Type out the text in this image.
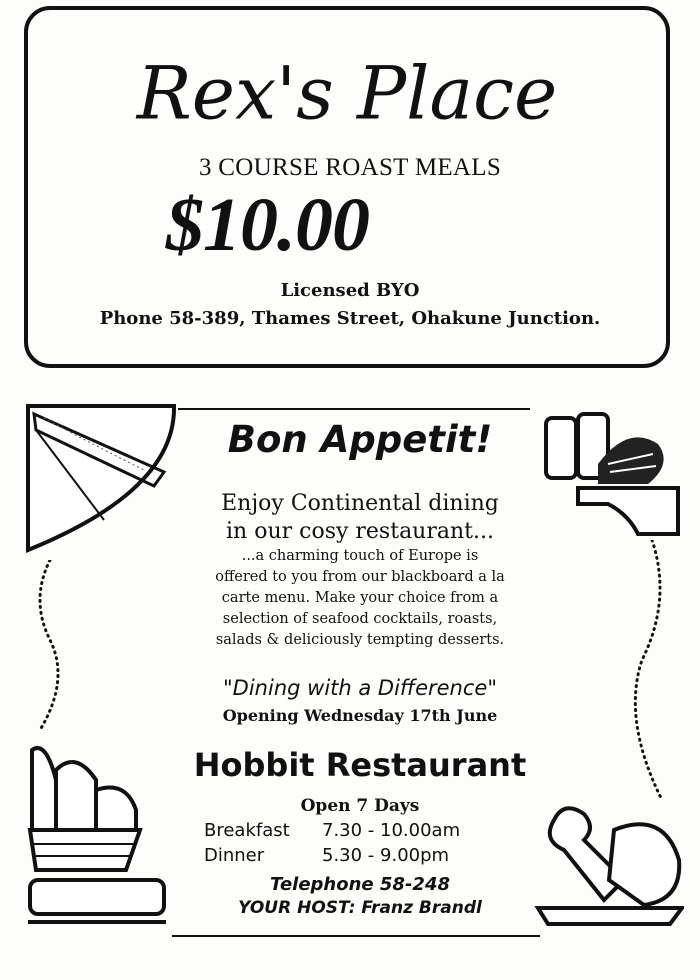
Rex's Place
3 COURSE ROAST MEALS
$10.00
Licensed BYO
Phone 58-389, Thames Street, Ohakune Junction.
Bon Appetit!
Enjoy Continental dining
in our cosy restaurant...
...a charming touch of Europe is
offered to you from our blackboard a la
carte menu. Make your choice from a
selection of seafood cocktails, roasts,
salads & deliciously tempting desserts.
"Dining with a Difference"
Opening Wednesday 17th June
Hobbit Restaurant
Open 7 Days
Breakfast 7.30 - 10.00am
Dinner	5.30 - 9.00pm
Telephone 58-248
YOUR HOST: Franz Brandl
